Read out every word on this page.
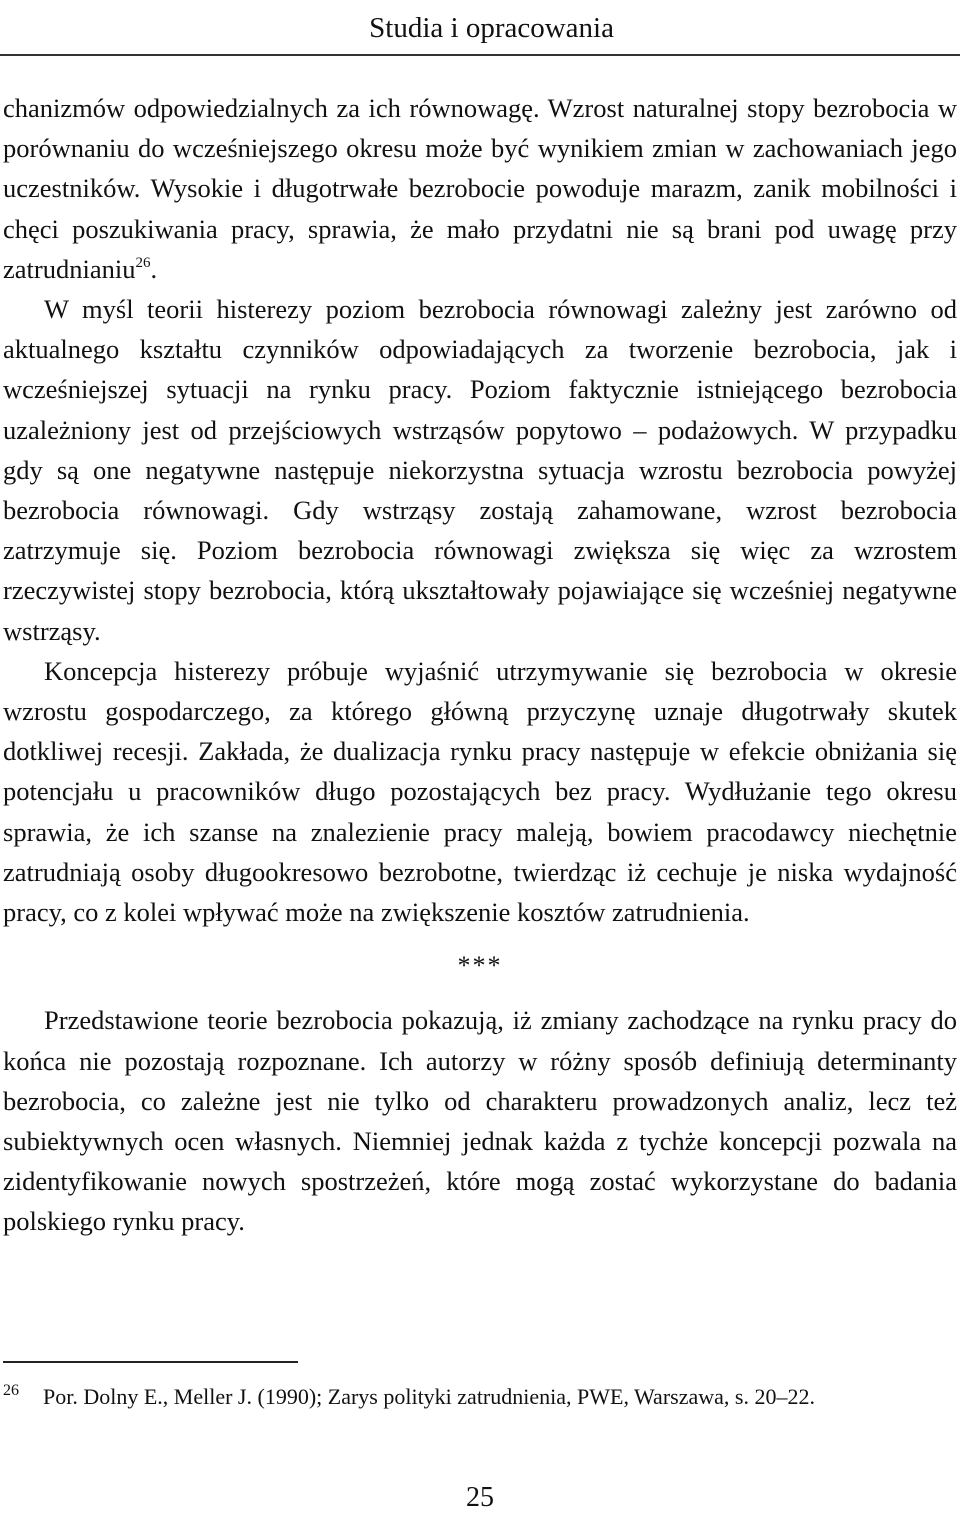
Studia i opracowania

chanizmów odpowiedzialnych za ich równowagę. Wzrost naturalnej stopy bezrobocia w porównaniu do wcześniejszego okresu może być wynikiem zmian w zachowaniach jego uczestników. Wysokie i długotrwałe bezrobocie powoduje marazm, zanik mobilności i chęci poszukiwania pracy, sprawia, że mało przydatni nie są brani pod uwagę przy zatrudnianiu$^{26}$.

W myśl teorii histerezy poziom bezrobocia równowagi zależny jest zarówno od aktualnego kształtu czynników odpowiadających za tworzenie bezrobocia, jak i wcześniejszej sytuacji na rynku pracy. Poziom faktycznie istniejącego bezrobocia uzależniony jest od przejściowych wstrząsów popytowo – podażowych. W przypadku gdy są one negatywne następuje niekorzystna sytuacja wzrostu bezrobocia powyżej bezrobocia równowagi. Gdy wstrząsy zostają zahamowane, wzrost bezrobocia zatrzymuje się. Poziom bezrobocia równowagi zwiększa się więc za wzrostem rzeczywistej stopy bezrobocia, którą ukształtowały pojawiające się wcześniej negatywne wstrząsy.

Koncepcja histerezy próbuje wyjaśnić utrzymywanie się bezrobocia w okresie wzrostu gospodarczego, za którego główną przyczynę uznaje długotrwały skutek dotkliwej recesji. Zakłada, że dualizacja rynku pracy następuje w efekcie obniżania się potencjału u pracowników długo pozostających bez pracy. Wydłużanie tego okresu sprawia, że ich szanse na znalezienie pracy maleją, bowiem pracodawcy niechętnie zatrudniają osoby długookresowo bezrobotne, twierdząc iż cechuje je niska wydajność pracy, co z kolei wpływać może na zwiększenie kosztów zatrudnienia.

***

Przedstawione teorie bezrobocia pokazują, iż zmiany zachodzące na rynku pracy do końca nie pozostają rozpoznane. Ich autorzy w różny sposób definiują determinanty bezrobocia, co zależne jest nie tylko od charakteru prowadzonych analiz, lecz też subiektywnych ocen własnych. Niemniej jednak każda z tychże koncepcji pozwala na zidentyfikowanie nowych spostrzeżeń, które mogą zostać wykorzystane do badania polskiego rynku pracy.

26 Por. Dolny E., Meller J. (1990); Zarys polityki zatrudnienia, PWE, Warszawa, s. 20–22.
25
